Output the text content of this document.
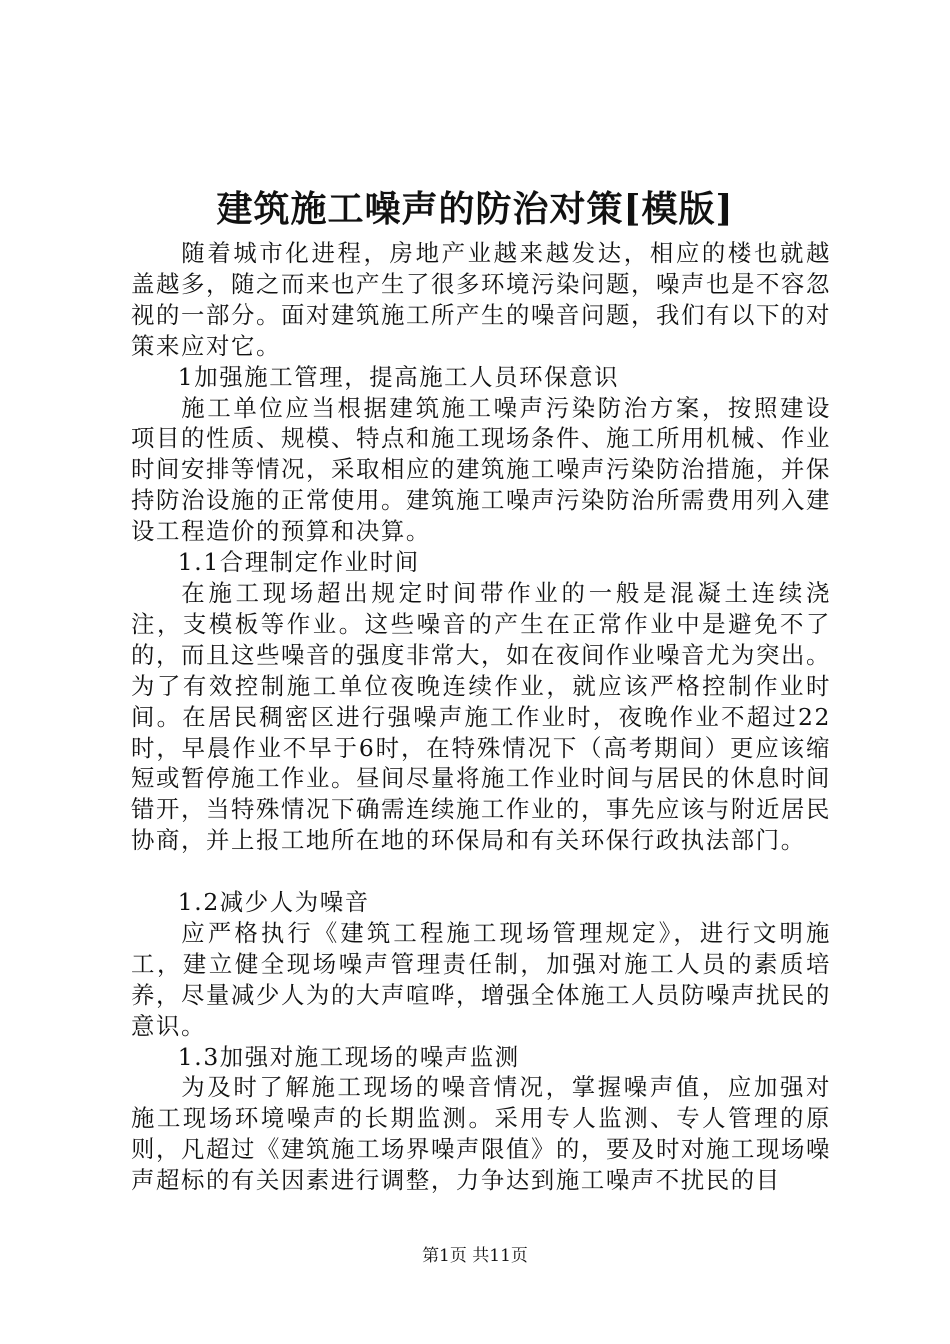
建筑施工噪声的防治对策[模版]

随着城市化进程，房地产业越来越发达，相应的楼也就越盖越多，随之而来也产生了很多环境污染问题，噪声也是不容忽视的一部分。面对建筑施工所产生的噪音问题，我们有以下的对策来应对它。

1加强施工管理，提高施工人员环保意识

施工单位应当根据建筑施工噪声污染防治方案，按照建设项目的性质、规模、特点和施工现场条件、施工所用机械、作业时间安排等情况，采取相应的建筑施工噪声污染防治措施，并保持防治设施的正常使用。建筑施工噪声污染防治所需费用列入建设工程造价的预算和决算。

1.1合理制定作业时间

在施工现场超出规定时间带作业的一般是混凝土连续浇注，支模板等作业。这些噪音的产生在正常作业中是避免不了的，而且这些噪音的强度非常大，如在夜间作业噪音尤为突出。为了有效控制施工单位夜晚连续作业，就应该严格控制作业时间。在居民稠密区进行强噪声施工作业时，夜晚作业不超过22时，早晨作业不早于6时，在特殊情况下（高考期间）更应该缩短或暂停施工作业。昼间尽量将施工作业时间与居民的休息时间错开，当特殊情况下确需连续施工作业的，事先应该与附近居民协商，并上报工地所在地的环保局和有关环保行政执法部门。

1.2减少人为噪音

应严格执行《建筑工程施工现场管理规定》，进行文明施工，建立健全现场噪声管理责任制，加强对施工人员的素质培养，尽量减少人为的大声喧哗，增强全体施工人员防噪声扰民的意识。

1.3加强对施工现场的噪声监测

为及时了解施工现场的噪音情况，掌握噪声值，应加强对施工现场环境噪声的长期监测。采用专人监测、专人管理的原则，凡超过《建筑施工场界噪声限值》的，要及时对施工现场噪声超标的有关因素进行调整，力争达到施工噪声不扰民的目

第1页 共11页
